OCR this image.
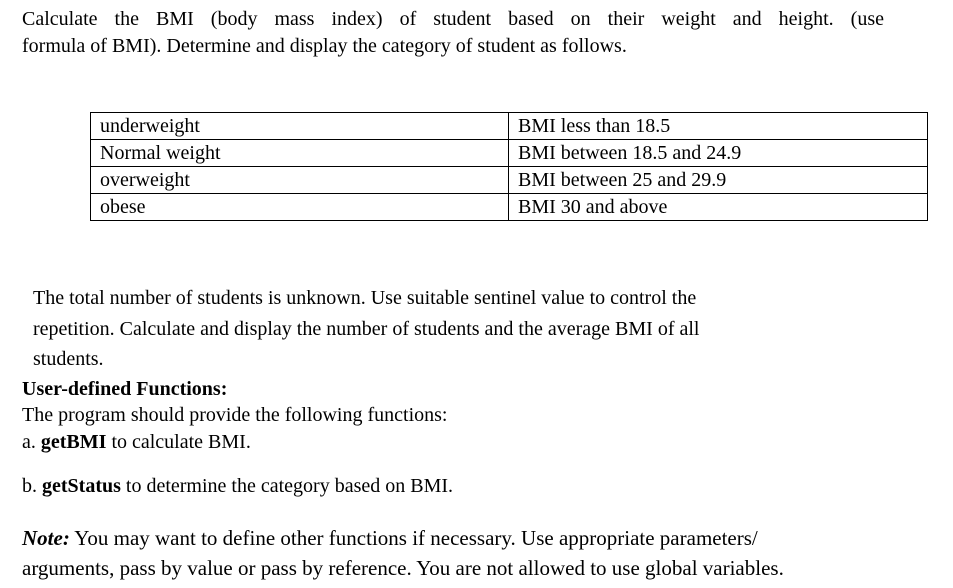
Calculate the BMI (body mass index) of student based on their weight and height. (use
formula of BMI). Determine and display the category of student as follows.
underweight	BMI less than 18.5
Normal weight	BMI between 18.5 and 24.9
overweight	BMI between 25 and 29.9
obese	BMI 30 and above
The total number of students is unknown. Use suitable sentinel value to control the
repetition. Calculate and display the number of students and the average BMI of all
students.
User-defined Functions:
The program should provide the following functions:
a. getBMI to calculate BMI.
b. getStatus to determine the category based on BMI.
Note: You may want to define other functions if necessary. Use appropriate parameters/
arguments, pass by value or pass by reference. You are not allowed to use global variables.
